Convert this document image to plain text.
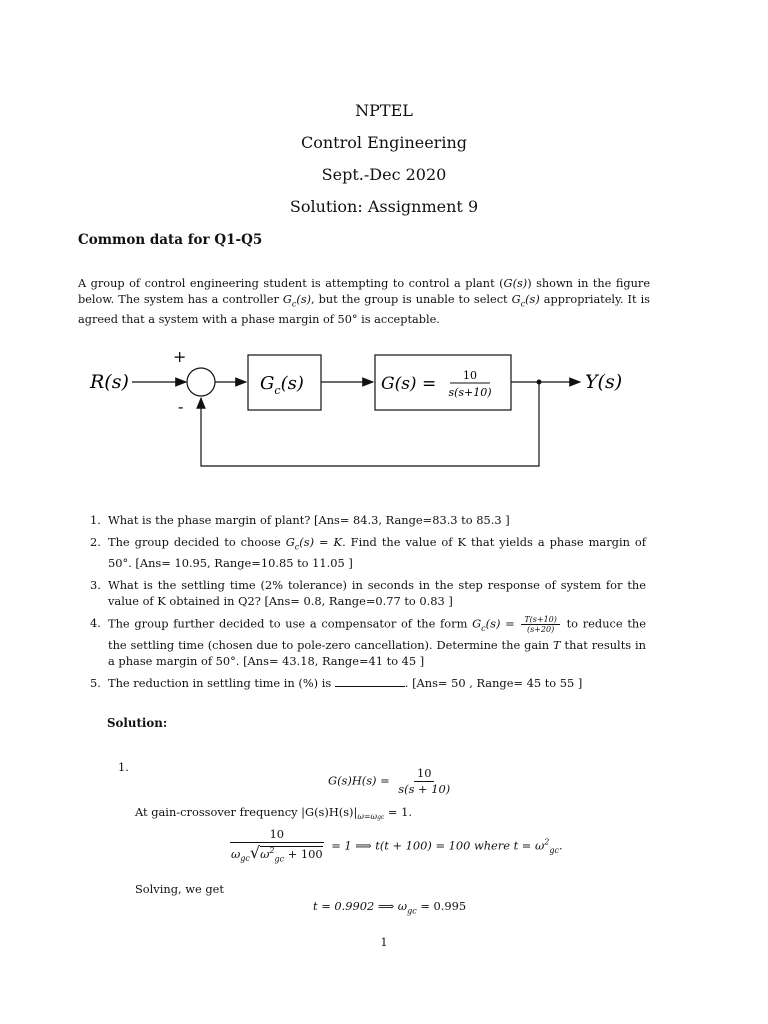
NPTEL
Control Engineering
Sept.-Dec 2020
Solution: Assignment 9
Common data for Q1-Q5
A group of control engineering student is attempting to control a plant (G(s)) shown in the figure below. The system has a controller $G_c(s)$, but the group is unable to select $G_c(s)$ appropriately. It is agreed that a system with a phase margin of 50° is acceptable.
R(s)
+
-
$G_c(s)$	G(s) = 10
s(s+10)	Y(s)
1. What is the phase margin of plant? [Ans= 84.3, Range=83.3 to 85.3 ]
2. The group decided to choose $G_c(s) = K$. Find the value of K that yields a phase margin of 50°. [Ans= 10.95, Range=10.85 to 11.05 ]
3. What is the settling time (2% tolerance) in seconds in the step response of system for the value of K obtained in Q2? [Ans= 0.8, Range=0.77 to 0.83 ]
4. The group further decided to use a compensator of the form $G_c(s) = \frac{T(s+10)}{(s+20)}$ to reduce the the settling time (chosen due to pole-zero cancellation). Determine the gain T that results in a phase margin of 50°. [Ans= 43.18, Range=41 to 45 ]
5. The reduction in settling time in (%) is	. [Ans= 50 , Range= 45 to 55 ]
Solution:
1.
$G(s)H(s) = \frac{10}{s(s + 10)}$
At gain-crossover frequency $|G(s)H(s)|_{\omega=\omega gc} = 1$.
$\frac{10}{\omega_{gc}√\omega^2_{gc} + 100} = 1$ ⟹ t(t + 100) = 100 where $t = \omega^2_{gc}$.
Solving, we get
t = 0.9902 ⟹ $\omega_{gc} = 0.995$
1
